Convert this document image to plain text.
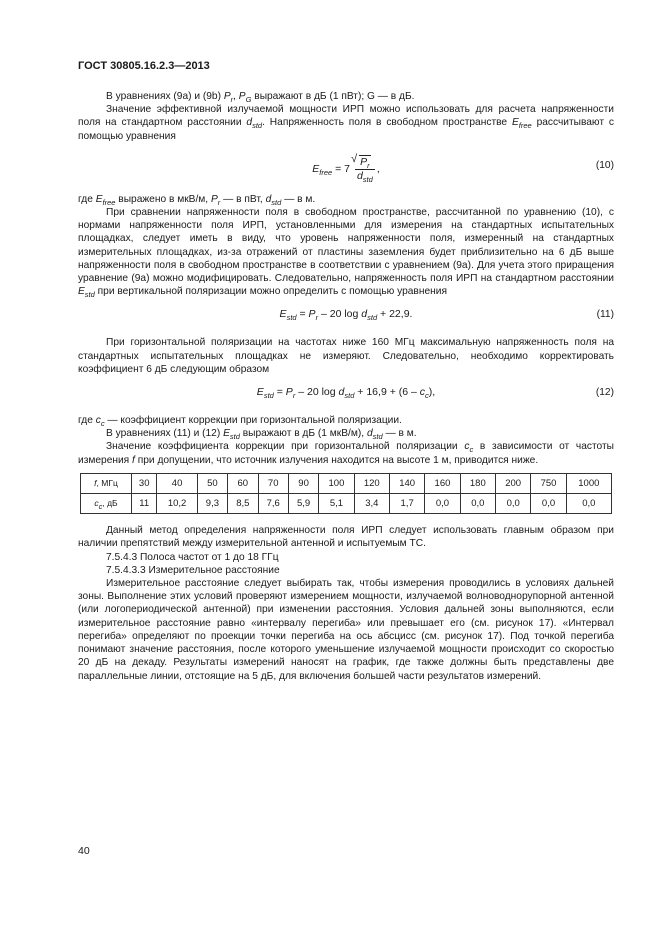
ГОСТ 30805.16.2.3—2013

В уравнениях (9а) и (9b) $P_r$, $P_G$ выражают в дБ (1 пВт); G — в дБ.

Значение эффективной излучаемой мощности ИРП можно использовать для расчета напряженности поля на стандартном расстоянии $d_{std}$. Напряженность поля в свободном пространстве $E_{free}$ рассчитывают с помощью уравнения

$E_{free} = 7$ √ $\frac{P_r}{d_{std}}$ ,	(10)

где $E_{free}$ выражено в мкВ/м, $P_r$ — в пВт, $d_{std}$ — в м.

При сравнении напряженности поля в свободном пространстве, рассчитанной по уравнению (10), с нормами напряженности поля ИРП, установленными для измерения на стандартных испытательных площадках, следует иметь в виду, что уровень напряженности поля, измеренный на стандартных измерительных площадках, из-за отражений от пластины заземления будет приблизительно на 6 дБ выше напряженности поля в свободном пространстве в соответствии с уравнением (9а). Для учета этого приращения уравнение (9а) можно модифицировать. Следовательно, напряженность поля ИРП на стандартном расстоянии $E_{std}$ при вертикальной поляризации можно определить с помощью уравнения

$E_{std} = P_r - 20$ $\log d_{std} + 22,9$.	(11)

При горизонтальной поляризации на частотах ниже 160 МГц максимальную напряженность поля на стандартных испытательных площадках не измеряют. Следовательно, необходимо корректировать коэффициент 6 дБ следующим образом

$E_{std} = P_r - 20$ $\log d_{std} + 16,9 + (6 - c_c)$,	(12)

где $c_c$ — коэффициент коррекции при горизонтальной поляризации.

В уравнениях (11) и (12) $E_{std}$ выражают в дБ (1 мкВ/м), $d_{std}$ — в м.

Значение коэффициента коррекции при горизонтальной поляризации $c_c$ в зависимости от частоты измерения f при допущении, что источник излучения находится на высоте 1 м, приводится ниже.

f, МГц	30	40	50	60	70	90	100	120	140	160	180	200	750	1000
$c_c$, дБ	11	10,2	9,3	8,5	7,6	5,9	5,1	3,4	1,7	0,0	0,0	0,0	0,0	0,0

Данный метод определения напряженности поля ИРП следует использовать главным образом при наличии препятствий между измерительной антенной и испытуемым ТС.

7.5.4.3 Полоса частот от 1 до 18 ГГц

7.5.4.3.3 Измерительное расстояние

Измерительное расстояние следует выбирать так, чтобы измерения проводились в условиях дальней зоны. Выполнение этих условий проверяют измерением мощности, излучаемой волноводнорупорной антенной (или логопериодической антенной) при изменении расстояния. Условия дальней зоны выполняются, если измерительное расстояние равно «интервалу перегиба» или превышает его (см. рисунок 17). «Интервал перегиба» определяют по проекции точки перегиба на ось абсцисс (см. рисунок 17). Под точкой перегиба понимают значение расстояния, после которого уменьшение излучаемой мощности происходит со скоростью 20 дБ на декаду. Результаты измерений наносят на график, где также должны быть представлены две параллельные линии, отстоящие на 5 дБ, для включения большей части результатов измерений.

40
